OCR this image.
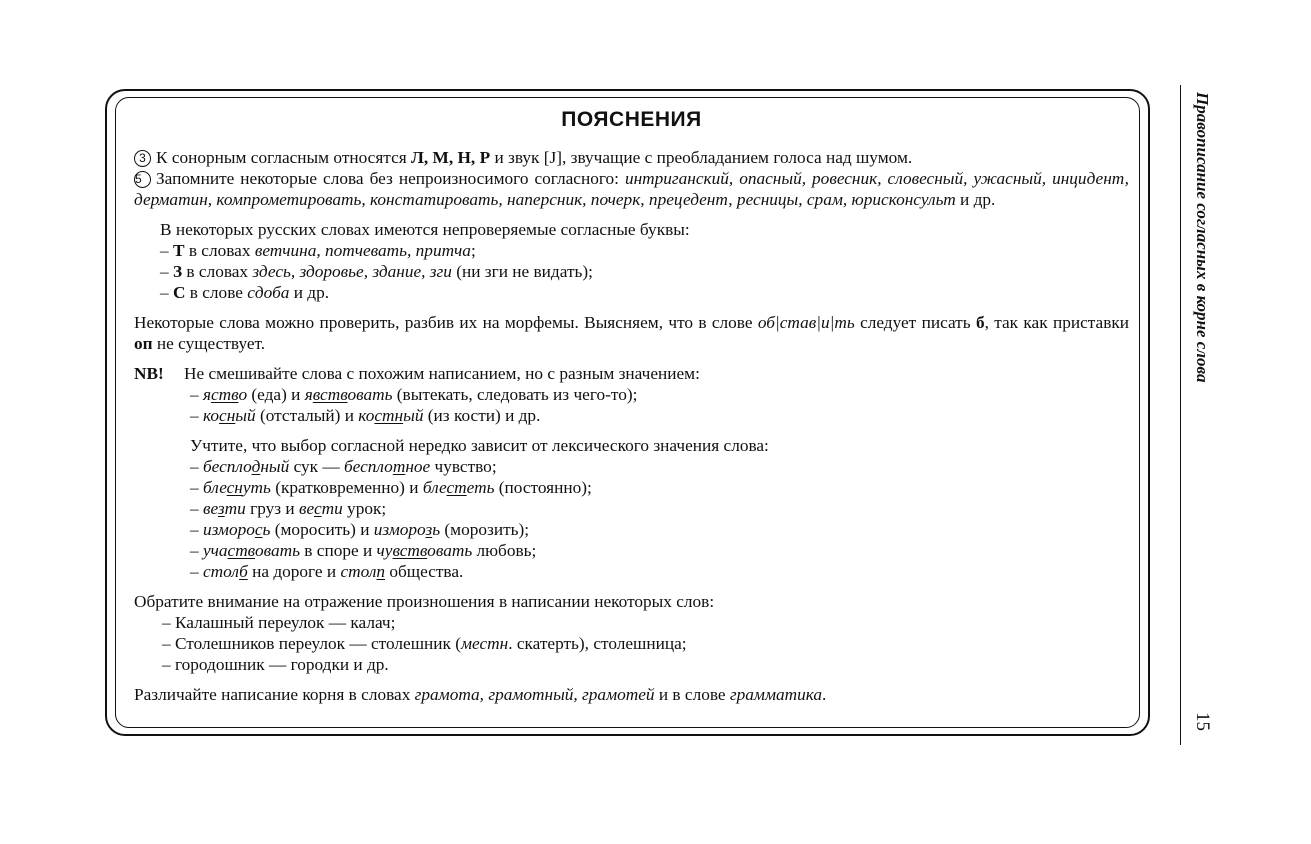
ПОЯСНЕНИЯ

3 К сонорным согласным относятся Л, М, Н, Р и звук [J], звучащие с преобладанием голоса над шумом.

5 Запомните некоторые слова без непроизносимого согласного: интриганский, опасный, ровесник, словесный, ужасный, инцидент, дерматин, компрометировать, констатировать, наперсник, почерк, прецедент, ресницы, срам, юрисконсульт и др.

В некоторых русских словах имеются непроверяемые согласные буквы:

– Т в словах ветчина, потчевать, притча;

– З в словах здесь, здоровье, здание, зги (ни зги не видать);

– С в слове сдоба и др.

Некоторые слова можно проверить, разбив их на морфемы. Выясняем, что в слове об|став|и|ть следует писать б, так как приставки оп не существует.

NB!	Не смешивайте слова с похожим написанием, но с разным значением:

– яство (еда) и явствовать (вытекать, следовать из чего-то);

– косный (отсталый) и костный (из кости) и др.

Учтите, что выбор согласной нередко зависит от лексического значения слова:

– бесплодный сук — бесплотное чувство;

– блеснуть (кратковременно) и блестеть (постоянно);

– везти груз и вести урок;

– изморось (моросить) и изморозь (морозить);

– участвовать в споре и чувствовать любовь;

– столб на дороге и столп общества.

Обратите внимание на отражение произношения в написании некоторых слов:

– Калашный переулок — калач;

– Столешников переулок — столешник (местн. скатерть), столешница;

– городошник — городки и др.

Различайте написание корня в словах грамота, грамотный, грамотей и в слове грамматика.

Правописание согласных в корне слова
15
